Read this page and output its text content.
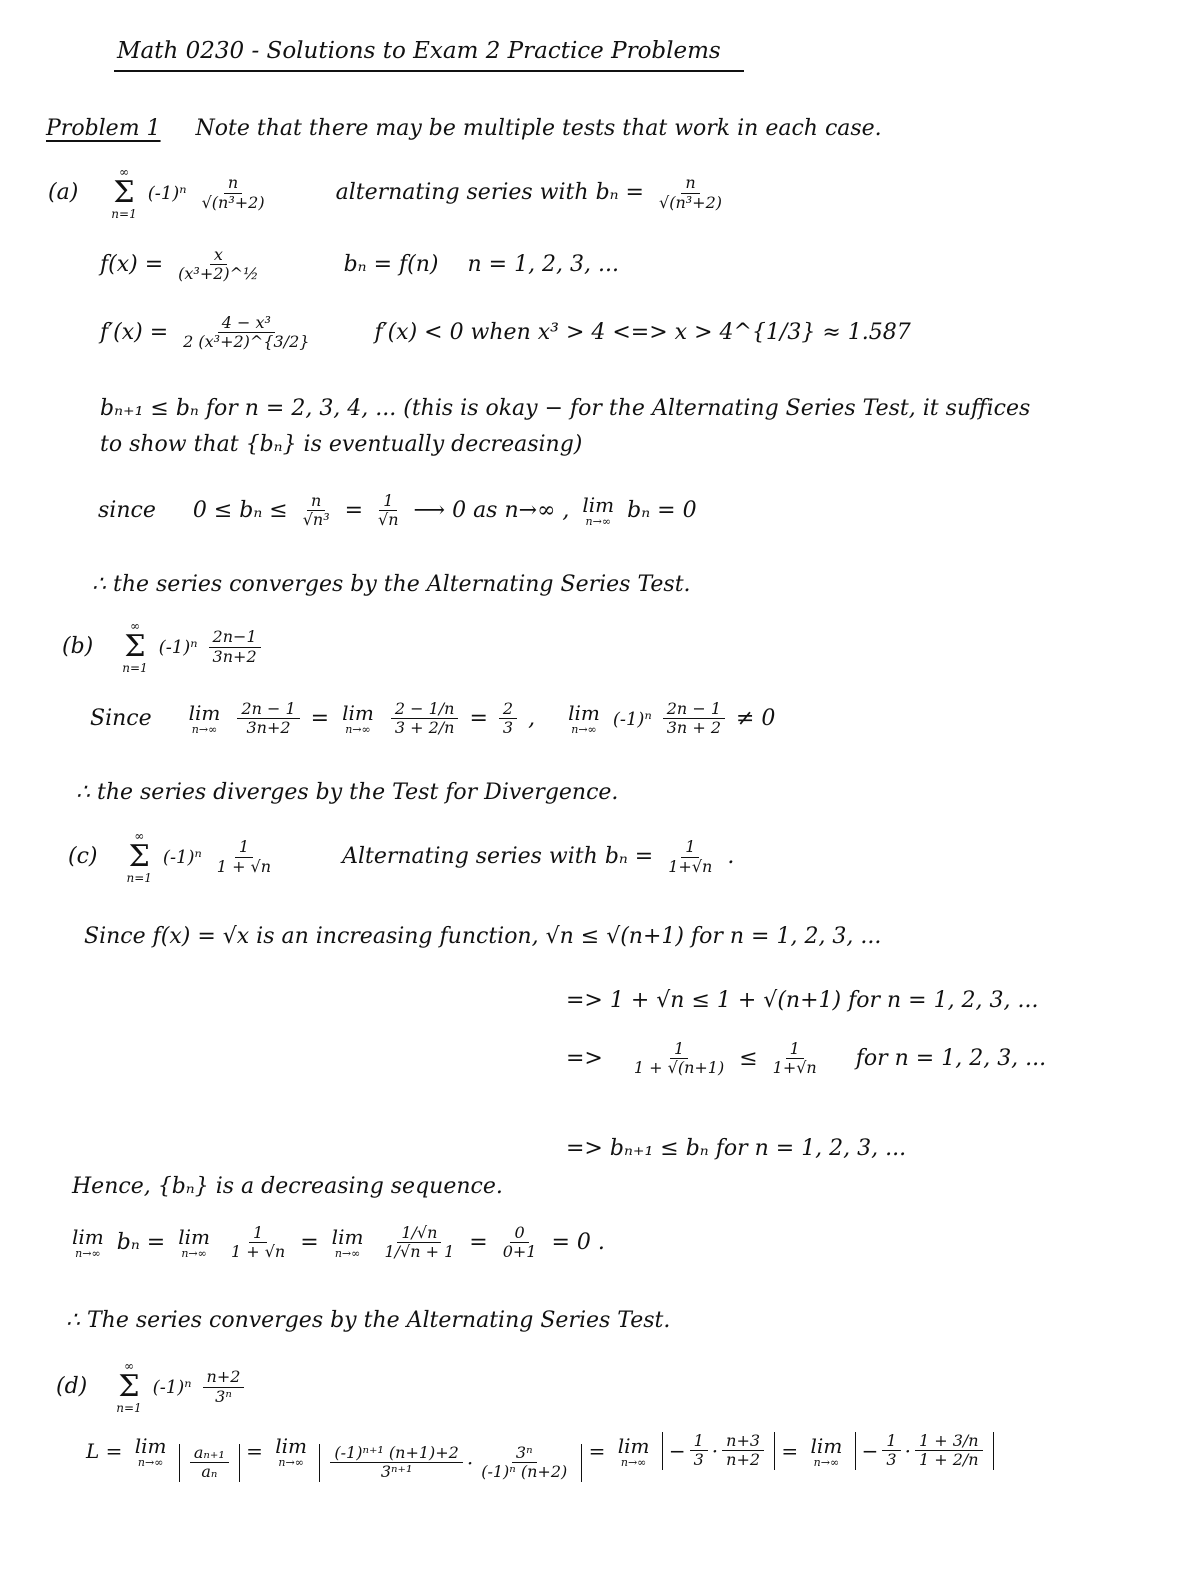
Math 0230 - Solutions to Exam 2 Practice Problems
Problem 1 Note that there may be multiple tests that work in each case.
(a)
∞
Σ
n=1
$(-1)^n \frac{n}{\text{√(n³+2)}}$	alternating series with $b_n = \frac{n}{\text{√(n³+2)}}$
$f(x) = \frac{x}{\text{(x³+2)\textasciicircum{}½}}$	bₙ = f(n) n = 1, 2, 3, ...
$f'(x) = \frac{\text{4 − x³}}{\text{2 (x³+2)\textasciicircum{}\{3/2\}}}$	f′(x) < 0 when x³ > 4 <=> x > 4^{1/3} ≈ 1.587
bₙ₊₁ ≤ bₙ for n = 2, 3, 4, ... (this is okay − for the Alternating Series Test, it suffices
to show that {bₙ} is eventually decreasing)
since $0 \le b_n \le \frac{n}{\text{√n³}} = \frac{1}{√n}$ ⟶ 0 as n→∞ , lim
n→∞ bₙ = 0
∴ the series converges by the Alternating Series Test.
(b)
∞
Σ
n=1
$(-1)^n \frac{2n-1}{3n+2}$
Since lim
n→∞
$\frac{2n - 1}{3n+2} = \lim$
n→∞
$\frac{2 - 1/n}{3 + 2/n} = \frac{2}{3}$ , lim
n→∞ $(-1)^n \frac{2n - 1}{3n + 2} \ne 0$
∴ the series diverges by the Test for Divergence.
(c)
∞
Σ
n=1
$(-1)^n \frac{1}{1 + √n}$	Alternating series with $b_n = \frac{1}{1+√n}$ .
Since f(x) = √x is an increasing function, √n ≤ √(n+1) for n = 1, 2, 3, ...
=> 1 + √n ≤ 1 + √(n+1) for n = 1, 2, 3, ...
=> $\frac{1}{1 + √(n+1)} \le \frac{1}{1+√n}$ for n = 1, 2, 3, ...
=> bₙ₊₁ ≤ bₙ for n = 1, 2, 3, ...
Hence, {bₙ} is a decreasing sequence.
lim
n→∞ bₙ = lim
n→∞
$\frac{1}{1 + √n} = \lim$
n→∞
$\frac{1/√n}{1/√n + 1} = \frac{0}{0+1} = 0$ .
∴ The series converges by the Alternating Series Test.
(d)
∞
Σ
n=1
$(-1)^n \frac{n+2}{\text{3ⁿ}}$
L = lim
n→∞
$\frac{\text{aₙ₊₁}}{\text{aₙ}} = \lim$
n→∞
$\frac{\text{(-1)ⁿ⁺¹ (n+1)+2}}{\text{3ⁿ⁺¹}} \cdot \frac{\text{3ⁿ}}{\text{(-1)ⁿ (n+2)}} = \lim$
n→∞
− $\frac{1}{3} \cdot \frac{n+3}{n+2} = \lim$
n→∞
− $\frac{1}{3} \cdot \frac{1 + 3/n}{1 + 2/n}$
